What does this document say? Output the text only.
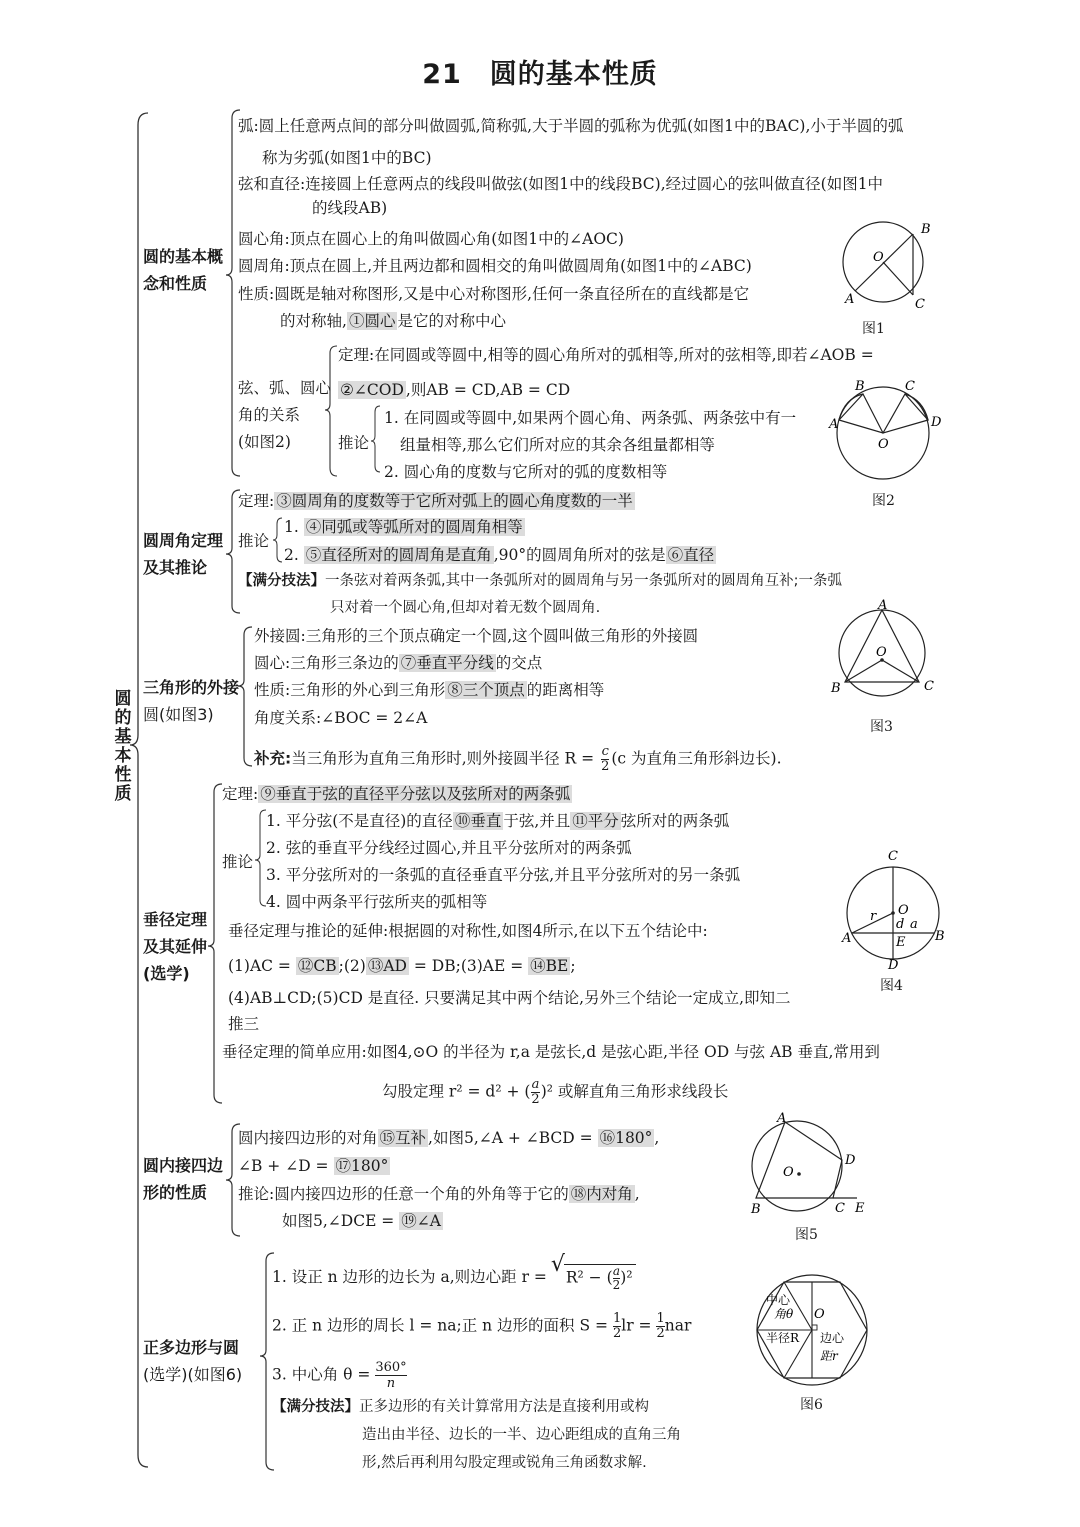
21　圆的基本性质
圆
的
基
本
性
质
圆的基本概
念和性质
弧:圆上任意两点间的部分叫做圆弧,简称弧,大于半圆的弧称为优弧(如图1中的BAC),小于半圆的弧
称为劣弧(如图1中的BC)
弦和直径:连接圆上任意两点的线段叫做弦(如图1中的线段BC),经过圆心的弦叫做直径(如图1中
的线段AB)
圆心角:顶点在圆心上的角叫做圆心角(如图1中的∠AOC)
圆周角:顶点在圆上,并且两边都和圆相交的角叫做圆周角(如图1中的∠ABC)
性质:圆既是轴对称图形,又是中心对称图形,任何一条直径所在的直线都是它
的对称轴, ①圆心 是它的对称中心
弦、弧、圆心
角的关系
(如图2)
定理:在同圆或等圆中,相等的圆心角所对的弧相等,所对的弦相等,即若∠AOB =
②∠COD ,则AB = CD,AB = CD
推论
1. 在同圆或等圆中,如果两个圆心角、两条弧、两条弦中有一
组量相等,那么它们所对应的其余各组量都相等
2. 圆心角的度数与它所对的弧的度数相等
B
O
A	C
图1
B	C
A	D
O
图2
圆周角定理
及其推论
定理: ③圆周角的度数等于它所对弧上的圆心角度数的一半
推论
1. ④同弧或等弧所对的圆周角相等
2. ⑤直径所对的圆周角是直角 ,90°的圆周角所对的弦是 ⑥直径
【满分技法】一条弦对着两条弧,其中一条弧所对的圆周角与另一条弧所对的圆周角互补;一条弧
只对着一个圆心角,但却对着无数个圆周角.
三角形的外接
圆(如图3)
外接圆:三角形的三个顶点确定一个圆,这个圆叫做三角形的外接圆
圆心:三角形三条边的 ⑦垂直平分线 的交点
性质:三角形的外心到三角形 ⑧三个顶点 的距离相等
角度关系:∠BOC = 2∠A
补充:当三角形为直角三角形时,则外接圆半径 $R = \frac{c}{2} (c$ 为直角三角形斜边长).
A
O
B	C
图3
垂径定理
及其延伸
(选学)
定理: ⑨垂直于弦的直径平分弦以及弦所对的两条弧
推论
1. 平分弦(不是直径)的直径 ⑩垂直 于弦,并且 ⑪平分 弦所对的两条弧
2. 弦的垂直平分线经过圆心,并且平分弦所对的两条弧
3. 平分弦所对的一条弧的直径垂直平分弦,并且平分弦所对的另一条弧
4. 圆中两条平行弦所夹的弧相等
垂径定理与推论的延伸:根据圆的对称性,如图4所示,在以下五个结论中:
(1)AC = ⑫CB ;(2) ⑬AD = DB;(3)AE = ⑭BE ;
(4)AB⊥CD;(5)CD 是直径. 只要满足其中两个结论,另外三个结论一定成立,即知二
推三
垂径定理的简单应用:如图4,⊙O 的半径为 r,a 是弦长,d 是弦心距,半径 OD 与弦 AB 垂直,常用到
勾股定理 r² = d² + ( $\frac{a}{2} )^2$ 或解直角三角形求线段长
C
O
r
d a
A	E B
D
图4
圆内接四边
形的性质
圆内接四边形的对角 ⑮互补 ,如图5,∠A + ∠BCD = ⑯180° ,
∠B + ∠D = ⑰180°
推论:圆内接四边形的任意一个角的外角等于它的 ⑱内对角 ,
如图5,∠DCE = ⑲∠A
A
O
D
B	C E
图5
正多边形与圆
(选学)(如图6)
1. 设正 n 边形的边长为 a,则边心距 r = √
R² − ( $\frac{a}{2} )^2$
2. 正 n 边形的周长 l = na;正 n 边形的面积 $S = \frac{1}{2}$ lr = $\frac{1}{2}$ nar
3. 中心角 $\theta = \frac{360^\circ}{n}$
【满分技法】正多边形的有关计算常用方法是直接利用或构
造出由半径、边长的一半、边心距组成的直角三角
形,然后再利用勾股定理或锐角三角函数求解.
中心
角θ O
半径R 边心
距r
图6
